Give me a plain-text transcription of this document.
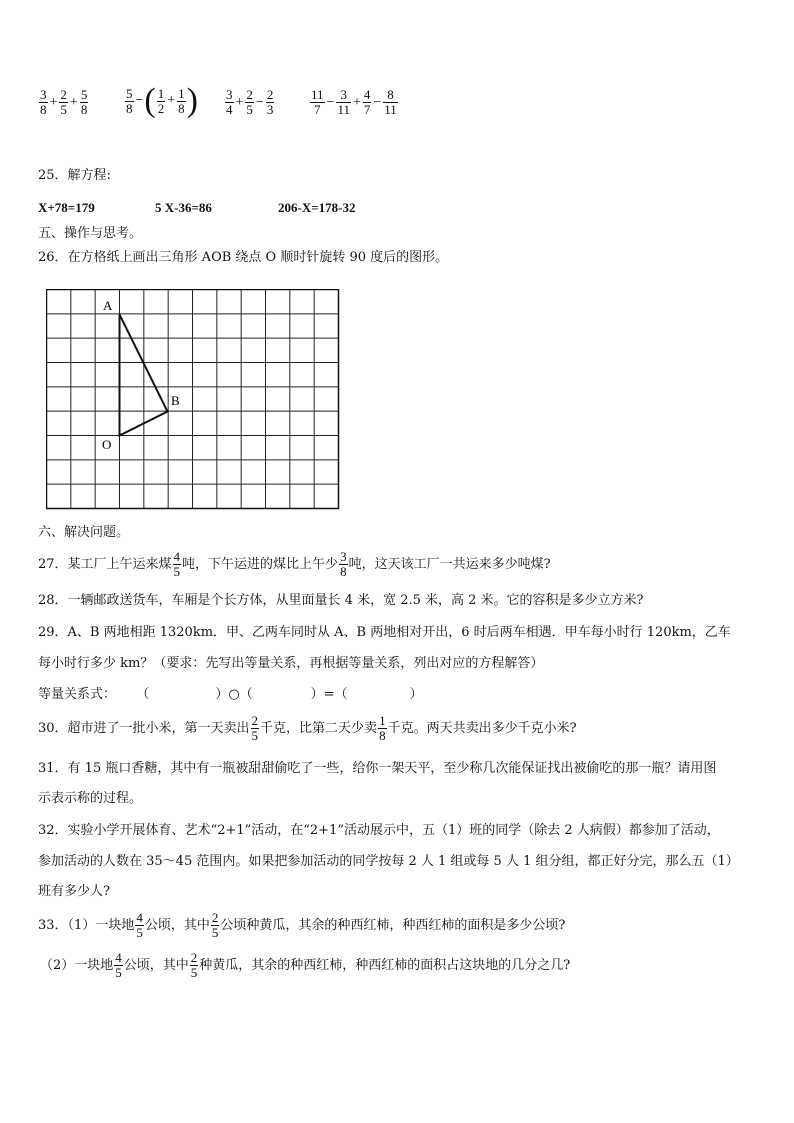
$\frac{3}{8} + \frac{2}{5} + \frac{5}{8}$	$\frac{5}{8}$ − ( $\frac{1}{2} + \frac{1}{8}$ ) $\frac{3}{4} + \frac{2}{5} - \frac{2}{3}$	$\frac{11}{7} - \frac{3}{11} + \frac{4}{7} - \frac{8}{11}$
25．解方程:
X+78=179	5 X-36=86	206-X=178-32
五、操作与思考。
26．在方格纸上画出三角形 AOB 绕点 O 顺时针旋转 90 度后的图形。
A
B
O
六、解决问题。
27．某工厂上午运来煤 $\frac{4}{5}$ 吨，下午运进的煤比上午少 $\frac{3}{8}$ 吨，这天该工厂一共运来多少吨煤?
28．一辆邮政送货车，车厢是个长方体，从里面量长 4 米，宽 2.5 米，高 2 米。它的容积是多少立方米?
29．A、B 两地相距 1320km．甲、乙两车同时从 A、B 两地相对开出，6 时后两车相遇．甲车每小时行 120km，乙车
每小时行多少 km？（要求：先写出等量关系，再根据等量关系，列出对应的方程解答）
等量关系式： （	）○（	）=（	）
30．超市进了一批小米，第一天卖出 $\frac{2}{5}$ 千克，比第二天少卖 $\frac{1}{8}$ 千克。两天共卖出多少千克小米?
31．有 15 瓶口香糖，其中有一瓶被甜甜偷吃了一些，给你一架天平，至少称几次能保证找出被偷吃的那一瓶？请用图
示表示称的过程。
32．实验小学开展体育、艺术“2+1”活动，在“2+1”活动展示中，五（1）班的同学（除去 2 人病假）都参加了活动，
参加活动的人数在 35～45 范围内。如果把参加活动的同学按每 2 人 1 组或每 5 人 1 组分组，都正好分完，那么五（1）
班有多少人?
33．（1）一块地 $\frac{4}{5}$ 公顷，其中 $\frac{2}{5}$ 公顷种黄瓜，其余的种西红柿，种西红柿的面积是多少公顷?
（2）一块地 $\frac{4}{5}$ 公顷，其中 $\frac{2}{5}$ 种黄瓜，其余的种西红柿，种西红柿的面积占这块地的几分之几?
